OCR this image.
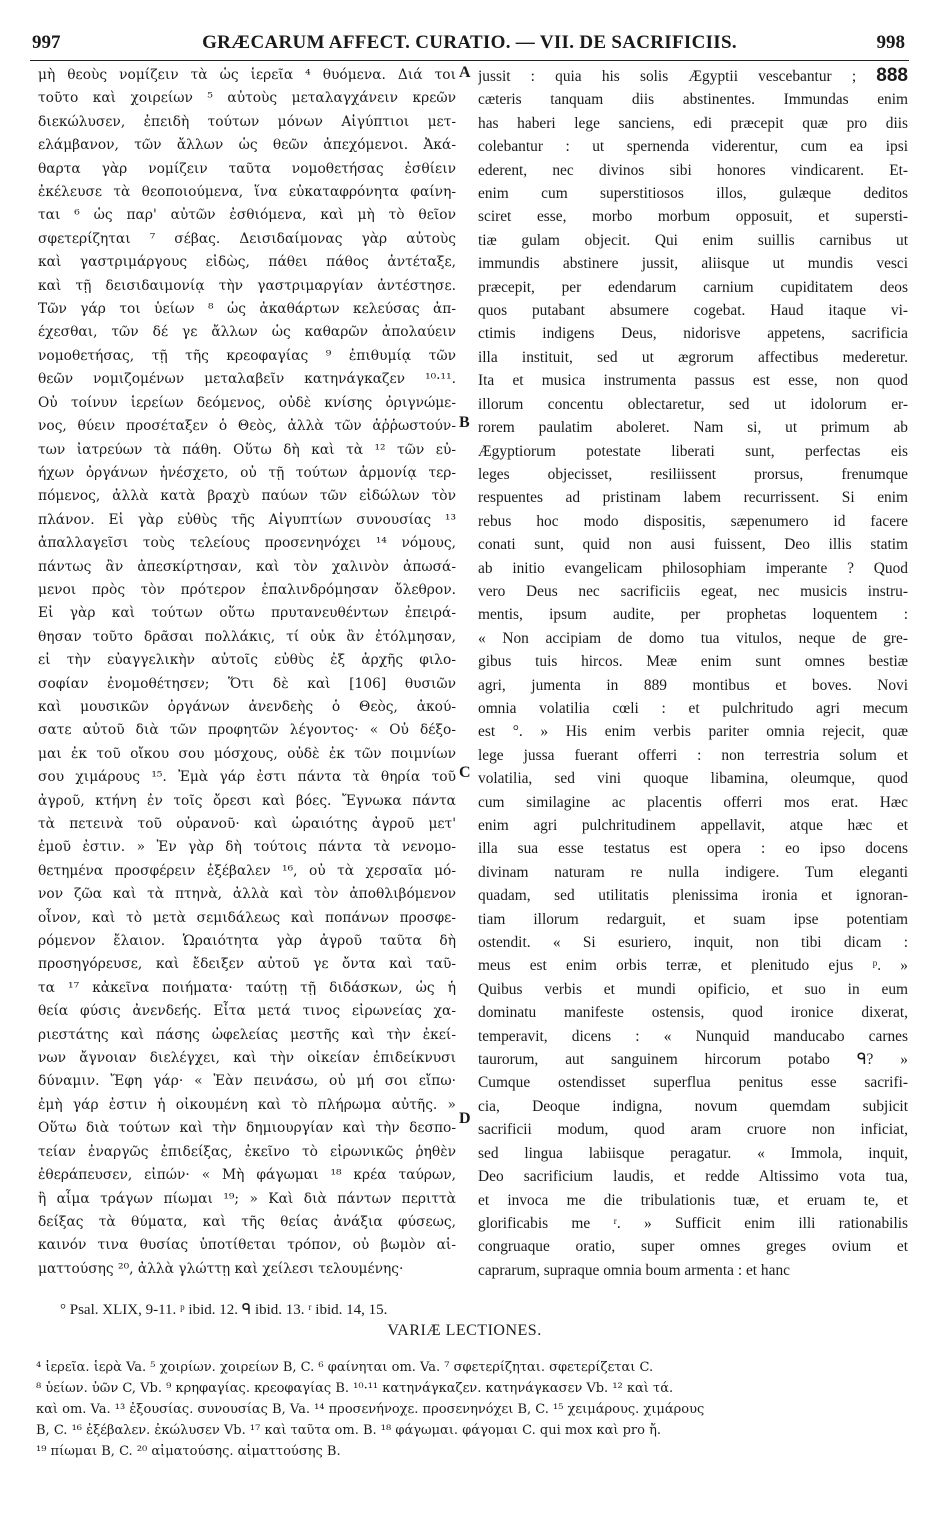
997	GRÆCARUM AFFECT. CURATIO. — VII. DE SACRIFICIIS.	998
μὴ θεοὺς νομίζειν τὰ ὡς ἱερεῖα ⁴ θυόμενα. Διά τοι
τοῦτο καὶ χοιρείων ⁵ αὐτοὺς μεταλαγχάνειν κρεῶν
διεκώλυσεν, ἐπειδὴ τούτων μόνων Αἰγύπτιοι μετ-
ελάμβανον, τῶν ἄλλων ὡς θεῶν ἀπεχόμενοι. Ἀκά-
θαρτα γὰρ νομίζειν ταῦτα νομοθετήσας ἐσθίειν
ἐκέλευσε τὰ θεοποιούμενα, ἵνα εὐκαταφρόνητα φαίνη-
ται ⁶ ὡς παρ' αὐτῶν ἐσθιόμενα, καὶ μὴ τὸ θεῖον
σφετερίζηται ⁷ σέβας. Δεισιδαίμονας γὰρ αὐτοὺς
καὶ γαστριμάργους εἰδὼς, πάθει πάθος ἀντέταξε,
καὶ τῇ δεισιδαιμονίᾳ τὴν γαστριμαργίαν ἀντέστησε.
Τῶν γάρ τοι ὑείων ⁸ ὡς ἀκαθάρτων κελεύσας ἀπ-
έχεσθαι, τῶν δέ γε ἄλλων ὡς καθαρῶν ἀπολαύειν
νομοθετήσας, τῇ τῆς κρεοφαγίας ⁹ ἐπιθυμίᾳ τῶν
θεῶν νομιζομένων μεταλαβεῖν κατηνάγκαζεν ¹⁰·¹¹.
Οὐ τοίνυν ἱερείων δεόμενος, οὐδὲ κνίσης ὀριγνώμε-
νος, θύειν προσέταξεν ὁ Θεὸς, ἀλλὰ τῶν ἀῤῥωστούν-
των ἰατρεύων τὰ πάθη. Οὕτω δὴ καὶ τὰ ¹² τῶν εὐ-
ήχων ὀργάνων ἠνέσχετο, οὐ τῇ τούτων ἁρμονίᾳ τερ-
πόμενος, ἀλλὰ κατὰ βραχὺ παύων τῶν εἰδώλων τὸν
πλάνον. Εἰ γὰρ εὐθὺς τῆς Αἰγυπτίων συνουσίας ¹³
ἀπαλλαγεῖσι τοὺς τελείους προσενηνόχει ¹⁴ νόμους,
πάντως ἂν ἀπεσκίρτησαν, καὶ τὸν χαλινὸν ἀπωσά-
μενοι πρὸς τὸν πρότερον ἐπαλινδρόμησαν ὄλεθρον.
Εἰ γὰρ καὶ τούτων οὕτω πρυτανευθέντων ἐπειρά-
θησαν τοῦτο δρᾶσαι πολλάκις, τί οὐκ ἂν ἐτόλμησαν,
εἰ τὴν εὐαγγελικὴν αὐτοῖς εὐθὺς ἐξ ἀρχῆς φιλο-
σοφίαν ἐνομοθέτησεν; Ὅτι δὲ καὶ [106] θυσιῶν
καὶ μουσικῶν ὀργάνων ἀνενδεὴς ὁ Θεὸς, ἀκού-
σατε αὐτοῦ διὰ τῶν προφητῶν λέγοντος· « Οὐ δέξο-
μαι ἐκ τοῦ οἴκου σου μόσχους, οὐδὲ ἐκ τῶν ποιμνίων
σου χιμάρους ¹⁵. Ἐμὰ γάρ ἐστι πάντα τὰ θηρία τοῦ
ἀγροῦ, κτήνη ἐν τοῖς ὄρεσι καὶ βόες. Ἔγνωκα πάντα
τὰ πετεινὰ τοῦ οὐρανοῦ· καὶ ὡραιότης ἀγροῦ μετ'
ἐμοῦ ἐστιν. » Ἐν γὰρ δὴ τούτοις πάντα τὰ νενομο-
θετημένα προσφέρειν ἐξέβαλεν ¹⁶, οὐ τὰ χερσαῖα μό-
νον ζῶα καὶ τὰ πτηνὰ, ἀλλὰ καὶ τὸν ἀποθλιβόμενον
οἶνον, καὶ τὸ μετὰ σεμιδάλεως καὶ ποπάνων προσφε-
ρόμενον ἔλαιον. Ὡραιότητα γὰρ ἀγροῦ ταῦτα δὴ
προσηγόρευσε, καὶ ἔδειξεν αὐτοῦ γε ὄντα καὶ ταῦ-
τα ¹⁷ κἀκεῖνα ποιήματα· ταύτῃ τῇ διδάσκων, ὡς ἡ
θεία φύσις ἀνενδεής. Εἶτα μετά τινος εἰρωνείας χα-
ριεστάτης καὶ πάσης ὠφελείας μεστῆς καὶ τὴν ἐκεί-
νων ἄγνοιαν διελέγχει, καὶ τὴν οἰκείαν ἐπιδείκνυσι
δύναμιν. Ἔφη γάρ· « Ἐὰν πεινάσω, οὐ μή σοι εἴπω·
ἐμὴ γάρ ἐστιν ἡ οἰκουμένη καὶ τὸ πλήρωμα αὐτῆς. »
Οὕτω διὰ τούτων καὶ τὴν δημιουργίαν καὶ τὴν δεσπο-
τείαν ἐναργῶς ἐπιδείξας, ἐκεῖνο τὸ εἰρωνικῶς ῥηθὲν
ἐθεράπευσεν, εἰπών· « Μὴ φάγωμαι ¹⁸ κρέα ταύρων,
ἢ αἷμα τράγων πίωμαι ¹⁹; » Καὶ διὰ πάντων περιττὰ
δείξας τὰ θύματα, καὶ τῆς θείας ἀνάξια φύσεως,
καινόν τινα θυσίας ὑποτίθεται τρόπον, οὐ βωμὸν αἱ-
ματτούσης ²⁰, ἀλλὰ γλώττῃ καὶ χείλεσι τελουμένης·
jussit : quia his solis Ægyptii vescebantur ; 888
cæteris tanquam diis abstinentes. Immundas enim
has haberi lege sanciens, edi præcepit quæ pro diis
colebantur : ut spernenda viderentur, cum ea ipsi
ederent, nec divinos sibi honores vindicarent. Et-
enim cum superstitiosos illos, gulæque deditos
sciret esse, morbo morbum opposuit, et supersti-
tiæ gulam objecit. Qui enim suillis carnibus ut
immundis abstinere jussit, aliisque ut mundis vesci
præcepit, per edendarum carnium cupiditatem deos
quos putabant absumere cogebat. Haud itaque vi-
ctimis indigens Deus, nidorisve appetens, sacrificia
illa instituit, sed ut ægrorum affectibus mederetur.
Ita et musica instrumenta passus est esse, non quod
illorum concentu oblectaretur, sed ut idolorum er-
rorem paulatim aboleret. Nam si, ut primum ab
Ægyptiorum potestate liberati sunt, perfectas eis
leges objecisset, resiliissent prorsus, frenumque
respuentes ad pristinam labem recurrissent. Si enim
rebus hoc modo dispositis, sæpenumero id facere
conati sunt, quid non ausi fuissent, Deo illis statim
ab initio evangelicam philosophiam imperante ? Quod
vero Deus nec sacrificiis egeat, nec musicis instru-
mentis, ipsum audite, per prophetas loquentem :
« Non accipiam de domo tua vitulos, neque de gre-
gibus tuis hircos. Meæ enim sunt omnes bestiæ
agri, jumenta in 889 montibus et boves. Novi
omnia volatilia cœli : et pulchritudo agri mecum
est °. » His enim verbis pariter omnia rejecit, quæ
lege jussa fuerant offerri : non terrestria solum et
volatilia, sed vini quoque libamina, oleumque, quod
cum similagine ac placentis offerri mos erat. Hæc
enim agri pulchritudinem appellavit, atque hæc et
illa sua esse testatus est opera : eo ipso docens
divinam naturam re nulla indigere. Tum eleganti
quadam, sed utilitatis plenissima ironia et ignoran-
tiam illorum redarguit, et suam ipse potentiam
ostendit. « Si esuriero, inquit, non tibi dicam :
meus est enim orbis terræ, et plenitudo ejus ᵖ. »
Quibus verbis et mundi opificio, et suo in eum
dominatu manifeste ostensis, quod ironice dixerat,
temperavit, dicens : « Nunquid manducabo carnes
taurorum, aut sanguinem hircorum potabo ᑫ? »
Cumque ostendisset superflua penitus esse sacrifi-
cia, Deoque indigna, novum quemdam subjicit
sacrificii modum, quod aram cruore non inficiat,
sed lingua labiisque peragatur. « Immola, inquit,
Deo sacrificium laudis, et redde Altissimo vota tua,
et invoca me die tribulationis tuæ, et eruam te, et
glorificabis me ʳ. » Sufficit enim illi rationabilis
congruaque oratio, super omnes greges ovium et
caprarum, supraque omnia boum armenta : et hanc
A
B
C
D
° Psal. XLIX, 9-11. ᵖ ibid. 12. ᑫ ibid. 13. ʳ ibid. 14, 15.
VARIÆ LECTIONES.
⁴ ἱερεῖα. ἱερὰ Va. ⁵ χοιρίων. χοιρείων B, C. ⁶ φαίνηται om. Va. ⁷ σφετερίζηται. σφετερίζεται C.
⁸ ὑείων. ὑῶν C, Vb. ⁹ κρηφαγίας. κρεοφαγίας B. ¹⁰·¹¹ κατηνάγκαζεν. κατηνάγκασεν Vb. ¹² καὶ τά.
καὶ om. Va. ¹³ ἐξουσίας. συνουσίας B, Va. ¹⁴ προσενήνοχε. προσενηνόχει B, C. ¹⁵ χειμάρους. χιμάρους
B, C. ¹⁶ ἐξέβαλεν. ἐκώλυσεν Vb. ¹⁷ καὶ ταῦτα om. B. ¹⁸ φάγωμαι. φάγομαι C. qui mox καὶ pro ἤ.
¹⁹ πίωμαι B, C. ²⁰ αἱματούσης. αἱματτούσης B.
